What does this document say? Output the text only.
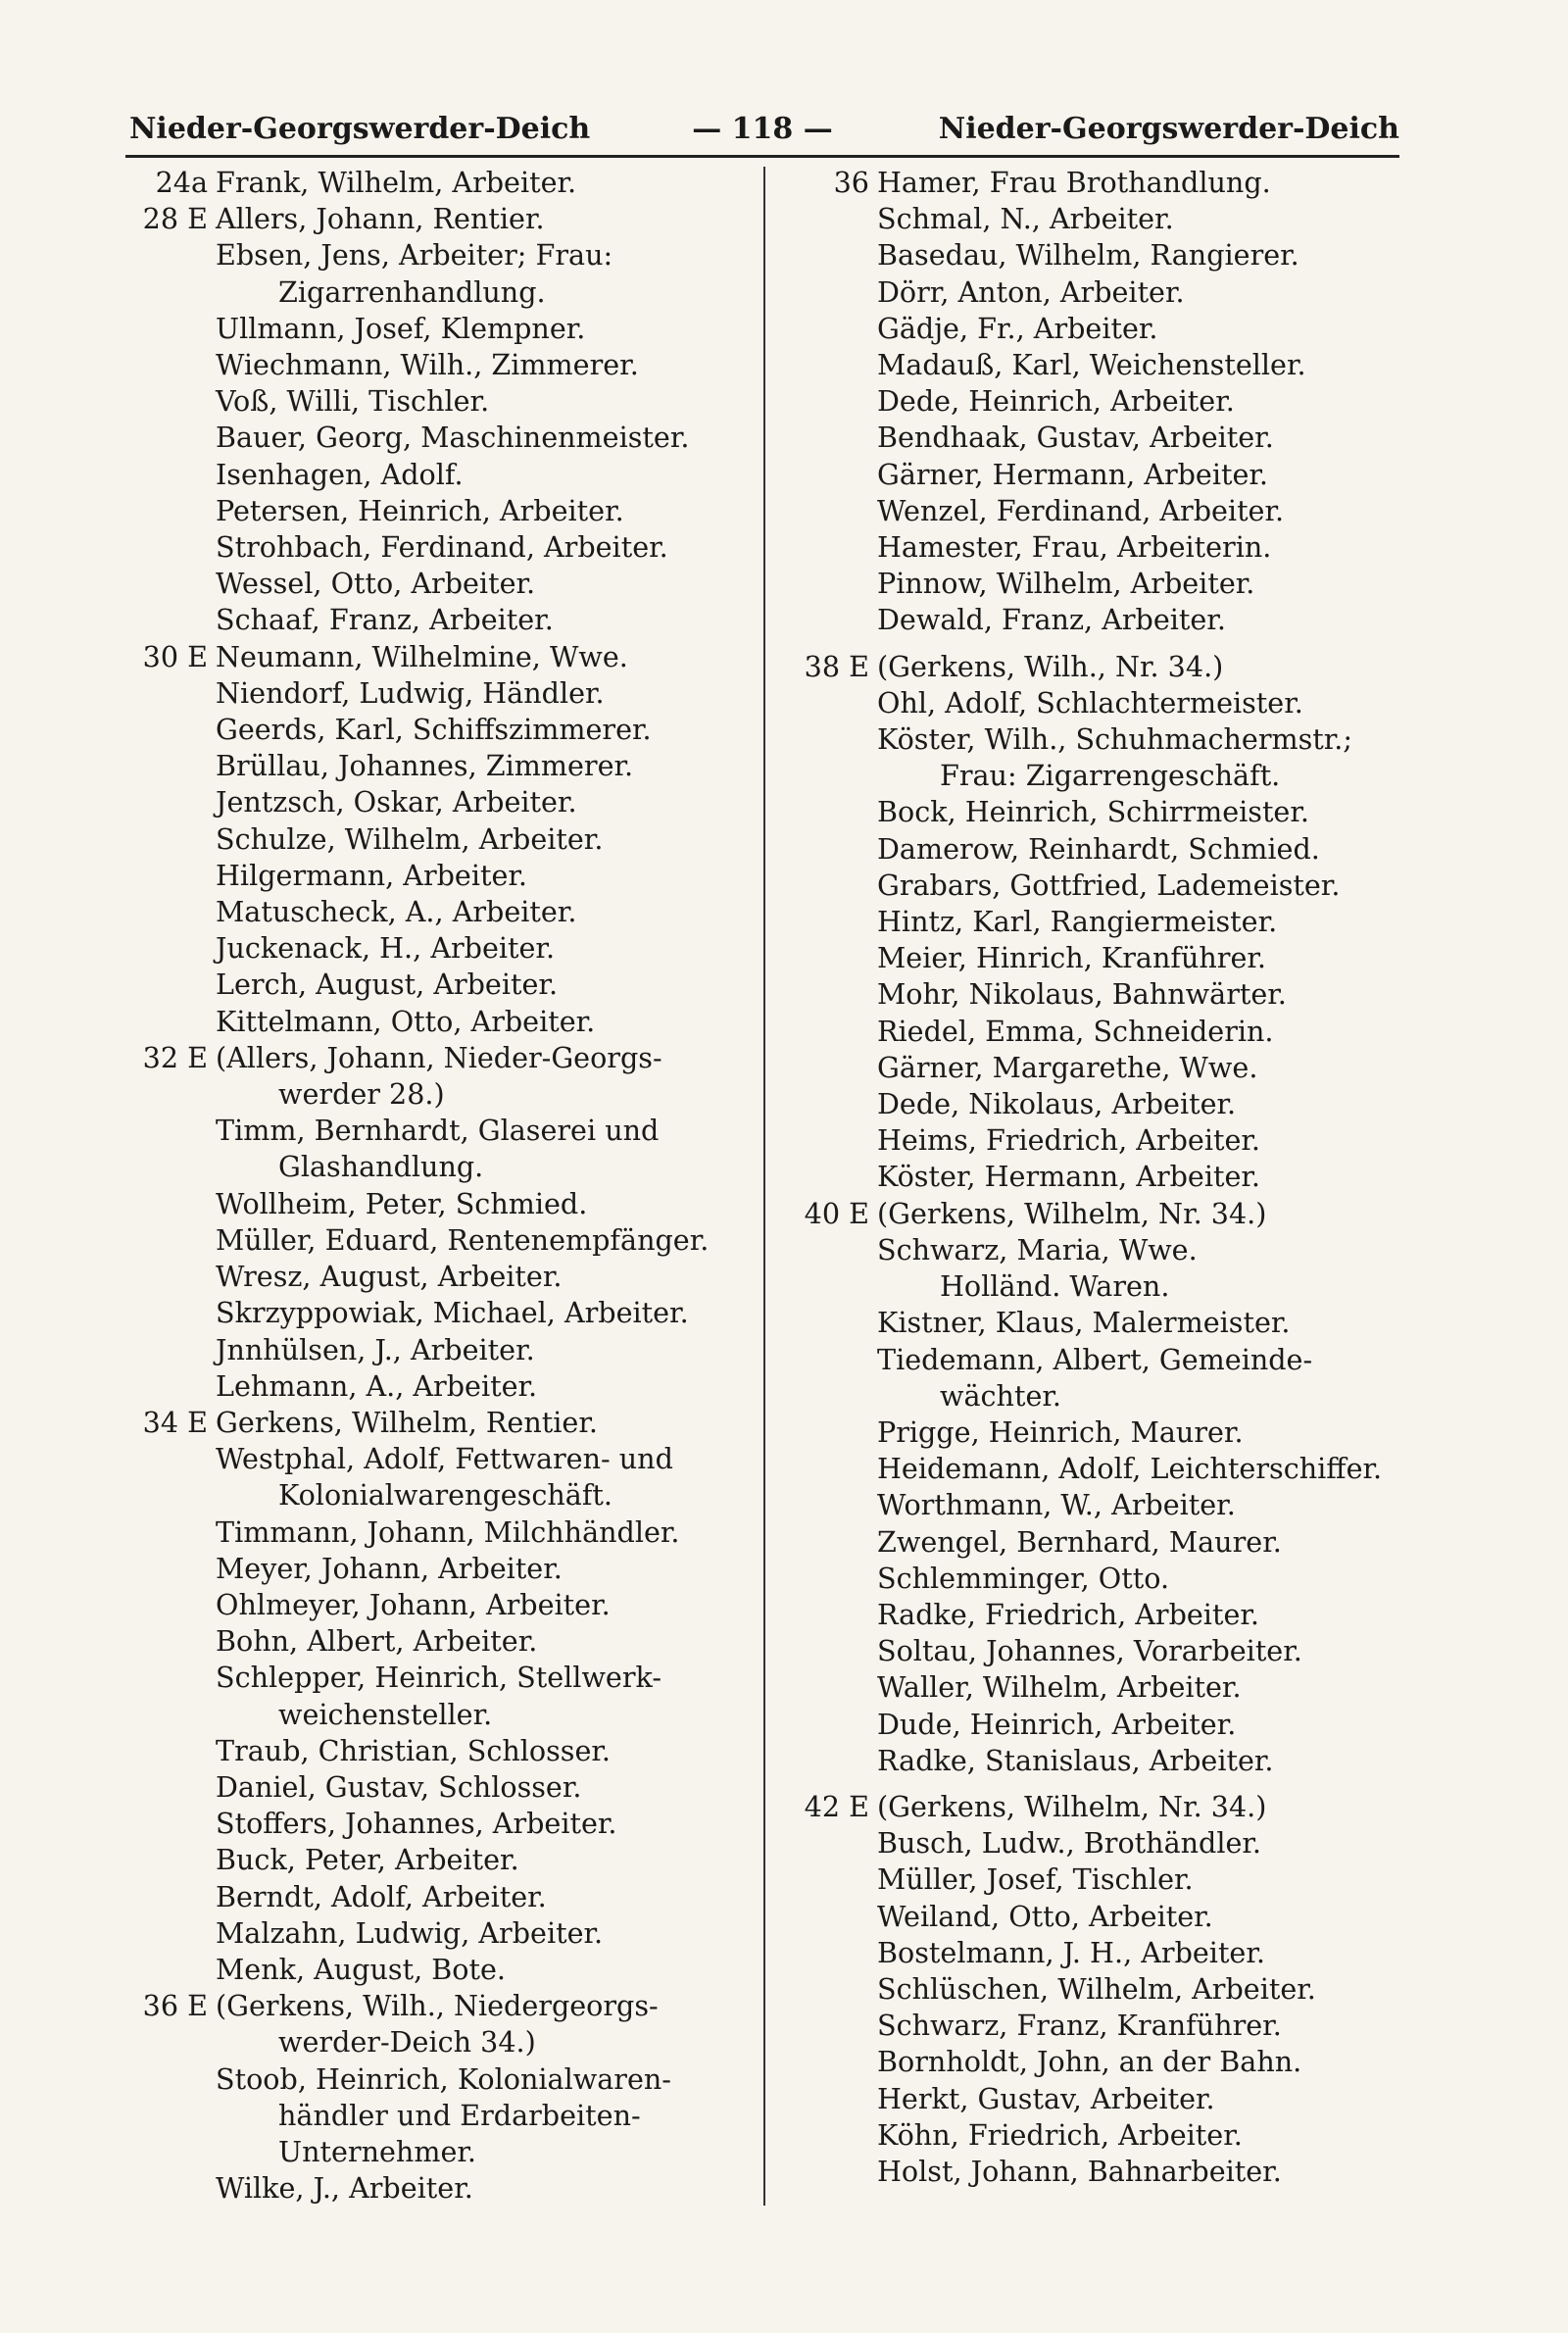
Nieder-Georgswerder-Deich	— 118 —	Nieder-Georgswerder-Deich
24a Frank, Wilhelm, Arbeiter.
28 E Allers, Johann, Rentier.
Ebsen, Jens, Arbeiter; Frau:
Zigarrenhandlung.
Ullmann, Josef, Klempner.
Wiechmann, Wilh., Zimmerer.
Voß, Willi, Tischler.
Bauer, Georg, Maschinenmeister.
Isenhagen, Adolf.
Petersen, Heinrich, Arbeiter.
Strohbach, Ferdinand, Arbeiter.
Wessel, Otto, Arbeiter.
Schaaf, Franz, Arbeiter.
30 E Neumann, Wilhelmine, Wwe.
Niendorf, Ludwig, Händler.
Geerds, Karl, Schiffszimmerer.
Brüllau, Johannes, Zimmerer.
Jentzsch, Oskar, Arbeiter.
Schulze, Wilhelm, Arbeiter.
Hilgermann, Arbeiter.
Matuscheck, A., Arbeiter.
Juckenack, H., Arbeiter.
Lerch, August, Arbeiter.
Kittelmann, Otto, Arbeiter.
32 E (Allers, Johann, Nieder-Georgs-
werder 28.)
Timm, Bernhardt, Glaserei und
Glashandlung.
Wollheim, Peter, Schmied.
Müller, Eduard, Rentenempfänger.
Wresz, August, Arbeiter.
Skrzyppowiak, Michael, Arbeiter.
Jnnhülsen, J., Arbeiter.
Lehmann, A., Arbeiter.
34 E Gerkens, Wilhelm, Rentier.
Westphal, Adolf, Fettwaren- und
Kolonialwarengeschäft.
Timmann, Johann, Milchhändler.
Meyer, Johann, Arbeiter.
Ohlmeyer, Johann, Arbeiter.
Bohn, Albert, Arbeiter.
Schlepper, Heinrich, Stellwerk-
weichensteller.
Traub, Christian, Schlosser.
Daniel, Gustav, Schlosser.
Stoffers, Johannes, Arbeiter.
Buck, Peter, Arbeiter.
Berndt, Adolf, Arbeiter.
Malzahn, Ludwig, Arbeiter.
Menk, August, Bote.
36 E (Gerkens, Wilh., Niedergeorgs-
werder-Deich 34.)
Stoob, Heinrich, Kolonialwaren-
händler und Erdarbeiten-
Unternehmer.
Wilke, J., Arbeiter.
36 Hamer, Frau Brothandlung.
Schmal, N., Arbeiter.
Basedau, Wilhelm, Rangierer.
Dörr, Anton, Arbeiter.
Gädje, Fr., Arbeiter.
Madauß, Karl, Weichensteller.
Dede, Heinrich, Arbeiter.
Bendhaak, Gustav, Arbeiter.
Gärner, Hermann, Arbeiter.
Wenzel, Ferdinand, Arbeiter.
Hamester, Frau, Arbeiterin.
Pinnow, Wilhelm, Arbeiter.
Dewald, Franz, Arbeiter.
38 E (Gerkens, Wilh., Nr. 34.)
Ohl, Adolf, Schlachtermeister.
Köster, Wilh., Schuhmachermstr.;
Frau: Zigarrengeschäft.
Bock, Heinrich, Schirrmeister.
Damerow, Reinhardt, Schmied.
Grabars, Gottfried, Lademeister.
Hintz, Karl, Rangiermeister.
Meier, Hinrich, Kranführer.
Mohr, Nikolaus, Bahnwärter.
Riedel, Emma, Schneiderin.
Gärner, Margarethe, Wwe.
Dede, Nikolaus, Arbeiter.
Heims, Friedrich, Arbeiter.
Köster, Hermann, Arbeiter.
40 E (Gerkens, Wilhelm, Nr. 34.)
Schwarz, Maria, Wwe.
Holländ. Waren.
Kistner, Klaus, Malermeister.
Tiedemann, Albert, Gemeinde-
wächter.
Prigge, Heinrich, Maurer.
Heidemann, Adolf, Leichterschiffer.
Worthmann, W., Arbeiter.
Zwengel, Bernhard, Maurer.
Schlemminger, Otto.
Radke, Friedrich, Arbeiter.
Soltau, Johannes, Vorarbeiter.
Waller, Wilhelm, Arbeiter.
Dude, Heinrich, Arbeiter.
Radke, Stanislaus, Arbeiter.
42 E (Gerkens, Wilhelm, Nr. 34.)
Busch, Ludw., Brothändler.
Müller, Josef, Tischler.
Weiland, Otto, Arbeiter.
Bostelmann, J. H., Arbeiter.
Schlüschen, Wilhelm, Arbeiter.
Schwarz, Franz, Kranführer.
Bornholdt, John, an der Bahn.
Herkt, Gustav, Arbeiter.
Köhn, Friedrich, Arbeiter.
Holst, Johann, Bahnarbeiter.
